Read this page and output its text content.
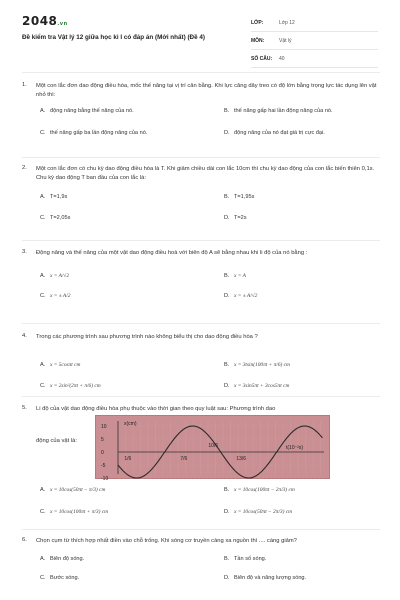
2048.vn
Đề kiểm tra Vật lý 12 giữa học kì I có đáp án (Mới nhất) (Đề 4)
LỚP:	Lớp 12
MÔN:	Vật lý
SỐ CÂU:	40
1.	Một con lắc đơn dao động điều hòa, mốc thế năng tại vị trí cân bằng. Khi lực căng dây treo có độ lớn bằng trọng lực tác dụng lên vật nhỏ thì:
A. động năng bằng thế năng của nó.	B. thế năng gấp hai lần động năng của nó.
C. thế năng gấp ba lần động năng của nó.	D. động năng của nó đạt giá trị cực đại.
2.	Một con lắc đơn có chu kỳ dao động điều hòa là T. Khi giảm chiều dài con lắc 10cm thì chu kỳ dao động của con lắc biến thiên 0,1s. Chu kỳ dao động T ban đầu của con lắc là:
A. T=1,9s	B. T=1,95s
C. T=2,05s	D. T=2s
3.	Động năng và thế năng của một vật dao động điều hoà với biên độ A sẽ bằng nhau khi li độ của nó bằng :
A. x = A/√2	B. x = A
C. x = ± A/2	D. x = ± A/√2
4.	Trong các phương trình sau phương trình nào không biểu thị cho dao động điều hòa ?
A. x = 5cosπt cm	B. x = 3tsin(100πt + π/6) cm
C. x = 2sin²(2πt + π/6) cm	D. x = 3sin5πt + 3cos5πt cm
5.	Li độ của vật dao động điều hòa phụ thuộc vào thời gian theo quy luật sau: Phương trình dao
động của vật là:
10
5
0
-5
-10
1/6	7/6
10/6
13/6
x(cm)
t(10⁻²s)
A. x = 10cos(50πt − π/3) cm	B. x = 10cos(100πt − 2π/3) cm
C. x = 10cos(100πt + π/3) cm	D. x = 10cos(50πt − 2π/3) cm
6.	Chọn cụm từ thích hợp nhất điền vào chỗ trống. Khi sóng cơ truyền càng xa nguồn thì .... càng giảm?
A. Biên độ sóng.	B. Tần số sóng.
C. Bước sóng.	D. Biên độ và năng lượng sóng.
